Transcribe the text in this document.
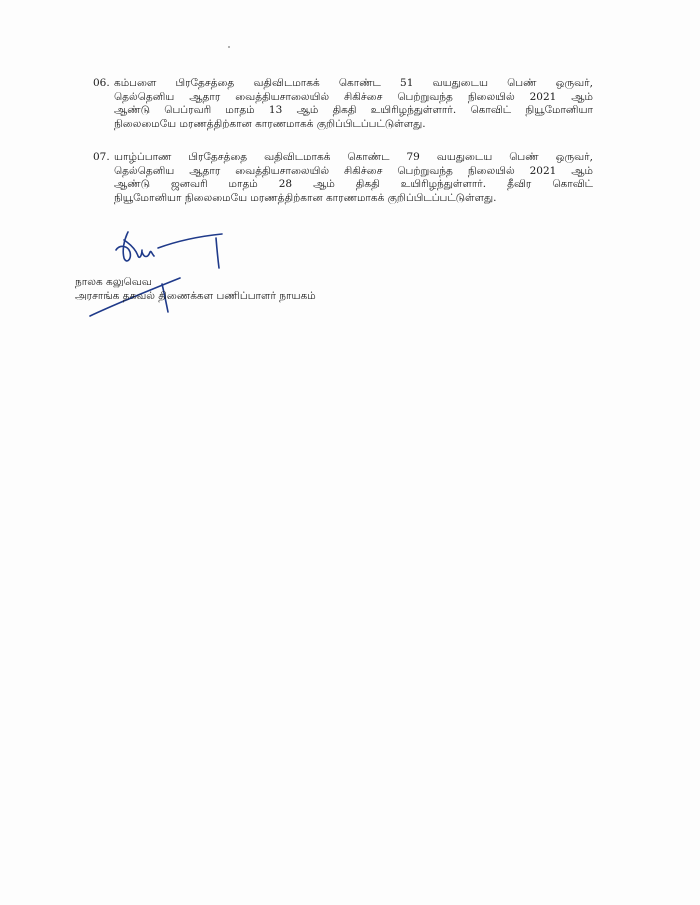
06. கம்பளை பிரதேசத்தை வதிவிடமாகக் கொண்ட 51 வயதுடைய பெண் ஒருவர்,
தெல்தெனிய ஆதார வைத்தியசாலையில் சிகிச்சை பெற்றுவந்த நிலையில் 2021 ஆம்
ஆண்டு பெப்ரவரி மாதம் 13 ஆம் திகதி உயிரிழந்துள்ளார். கொவிட் நியூமோனியா
நிலைமையே மரணத்திற்கான காரணமாகக் குறிப்பிடப்பட்டுள்ளது.
07. யாழ்ப்பாண பிரதேசத்தை வதிவிடமாகக் கொண்ட 79 வயதுடைய பெண் ஒருவர்,
தெல்தெனிய ஆதார வைத்தியசாலையில் சிகிச்சை பெற்றுவந்த நிலையில் 2021 ஆம்
ஆண்டு ஜனவரி மாதம் 28 ஆம் திகதி உயிரிழந்துள்ளார். தீவிர கொவிட்
நியூமோனியா நிலைமையே மரணத்திற்கான காரணமாகக் குறிப்பிடப்பட்டுள்ளது.
நாலக கலுவெவ
அரசாங்க தகவல் திணைக்கள பணிப்பாளர் நாயகம்
